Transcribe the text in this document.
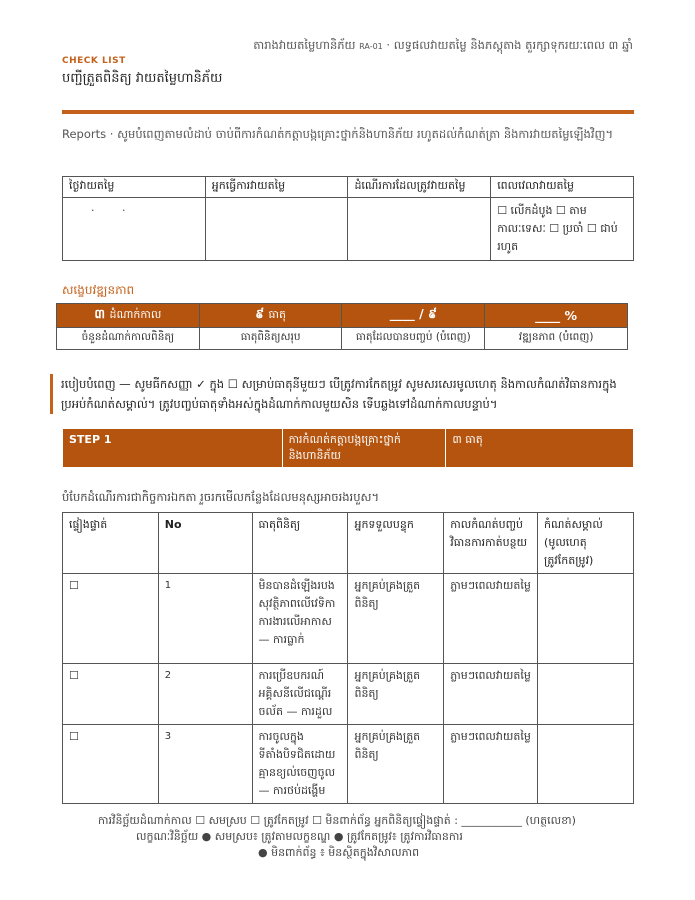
តារាងវាយតម្លៃហានិភ័យ RA-01 · លទ្ធផលវាយតម្លៃ និងភស្តុតាង តួរក្សាទុករយៈពេល ៣ ឆ្នាំ
CHECK LIST
បញ្ជីត្រួតពិនិត្យ វាយតម្លៃហានិភ័យ
Reports · សូមបំពេញតាមលំដាប់ ចាប់ពីការកំណត់កត្តាបង្កគ្រោះថ្នាក់និងហានិភ័យ រហូតដល់កំណត់ត្រា និងការវាយតម្លៃឡើងវិញ។
ថ្ងៃវាយតម្លៃ	អ្នកធ្វើការវាយតម្លៃ	ដំណើរការដែលត្រូវវាយតម្លៃ	ពេលវេលាវាយតម្លៃ
· ·			☐ លើកដំបូង ☐ តាមកាលៈទេសៈ ☐ ប្រចាំ ☐ ជាប់រហូត
សង្ខេបវឌ្ឍនភាព
៣ ដំណាក់កាល	៩ ធាតុ	____ / ៩	____ %
ចំនួនដំណាក់កាលពិនិត្យ	ធាតុពិនិត្យសរុប	ធាតុដែលបានបញ្ចប់ (បំពេញ)	វឌ្ឍនភាព (បំពេញ)
របៀបបំពេញ — សូមធីកសញ្ញា ✓ ក្នុង ☐ សម្រាប់ធាតុនីមួយៗ បើត្រូវការកែតម្រូវ សូមសរសេរមូលហេតុ និងកាលកំណត់វិធានការក្នុងប្រអប់កំណត់សម្គាល់។ ត្រូវបញ្ចប់ធាតុទាំងអស់ក្នុងដំណាក់កាលមួយសិន ទើបឆ្លងទៅដំណាក់កាលបន្ទាប់។
STEP 1	ការកំណត់កត្តាបង្កគ្រោះថ្នាក់និងហានិភ័យ	៣ ធាតុ
បំបែកដំណើរការជាកិច្ចការឯកតា រួចរកមើលកន្លែងដែលមនុស្សអាចរងរបួស។
ផ្ទៀងផ្ទាត់	No	ធាតុពិនិត្យ	អ្នកទទួលបន្ទុក	កាលកំណត់បញ្ចប់វិធានការកាត់បន្ថយ	កំណត់សម្គាល់ (មូលហេតុត្រូវកែតម្រូវ)
☐	1	មិនបានដំឡើងរបងសុវត្ថិភាពលើវេទិកាការងារលើអាកាស — ការធ្លាក់	អ្នកគ្រប់គ្រងត្រួតពិនិត្យ	ភ្លាមៗពេលវាយតម្លៃ	
☐	2	ការប្រើឧបករណ៍អគ្គិសនីលើជណ្តើរចល័ត — ការដួល	អ្នកគ្រប់គ្រងត្រួតពិនិត្យ	ភ្លាមៗពេលវាយតម្លៃ	
☐	3	ការចូលក្នុងទីតាំងបិទជិតដោយគ្មានខ្យល់ចេញចូល — ការថប់ដង្ហើម	អ្នកគ្រប់គ្រងត្រួតពិនិត្យ	ភ្លាមៗពេលវាយតម្លៃ	
ការវិនិច្ឆ័យដំណាក់កាល ☐ សមស្រប ☐ ត្រូវកែតម្រូវ ☐ មិនពាក់ព័ន្ធ អ្នកពិនិត្យផ្ទៀងផ្ទាត់ : ___________ (ហត្ថលេខា)
លក្ខណៈវិនិច្ឆ័យ ● សមស្រប៖ ត្រូវតាមលក្ខខណ្ឌ ● ត្រូវកែតម្រូវ៖ ត្រូវការវិធានការ
● មិនពាក់ព័ន្ធ ៖ មិនស្ថិតក្នុងវិសាលភាព
